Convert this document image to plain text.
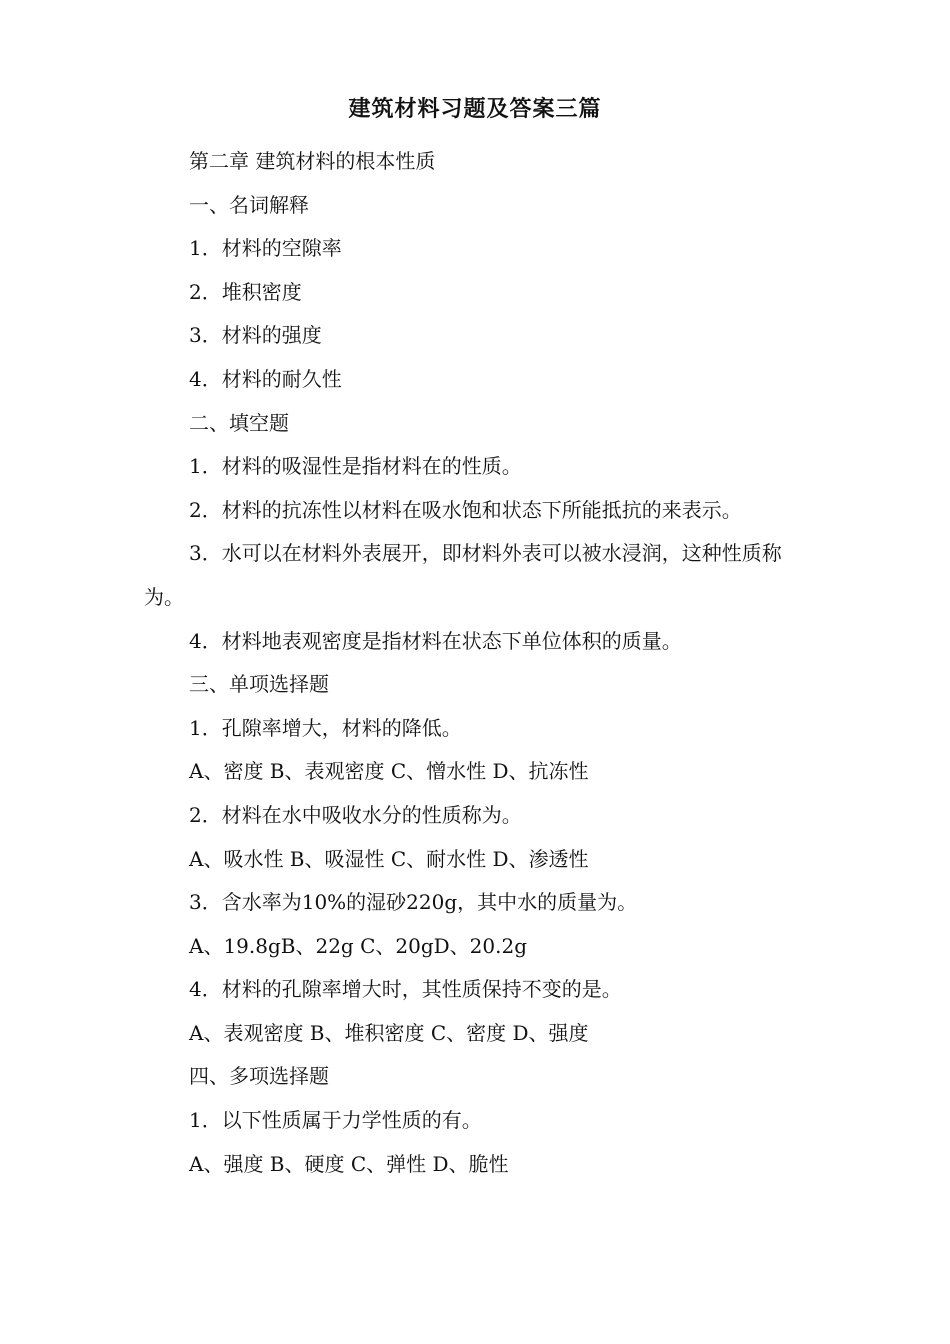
建筑材料习题及答案三篇

第二章 建筑材料的根本性质

一、名词解释

1．材料的空隙率

2．堆积密度

3．材料的强度

4．材料的耐久性

二、填空题

1．材料的吸湿性是指材料在的性质。

2．材料的抗冻性以材料在吸水饱和状态下所能抵抗的来表示。

3．水可以在材料外表展开，即材料外表可以被水浸润，这种性质称为。

4．材料地表观密度是指材料在状态下单位体积的质量。

三、单项选择题

1．孔隙率增大，材料的降低。

A、密度 B、表观密度 C、憎水性 D、抗冻性

2．材料在水中吸收水分的性质称为。

A、吸水性 B、吸湿性 C、耐水性 D、渗透性

3．含水率为10%的湿砂220g，其中水的质量为。

A、19.8gB、22g C、20gD、20.2g

4．材料的孔隙率增大时，其性质保持不变的是。

A、表观密度 B、堆积密度 C、密度 D、强度

四、多项选择题

1．以下性质属于力学性质的有。

A、强度 B、硬度 C、弹性 D、脆性
